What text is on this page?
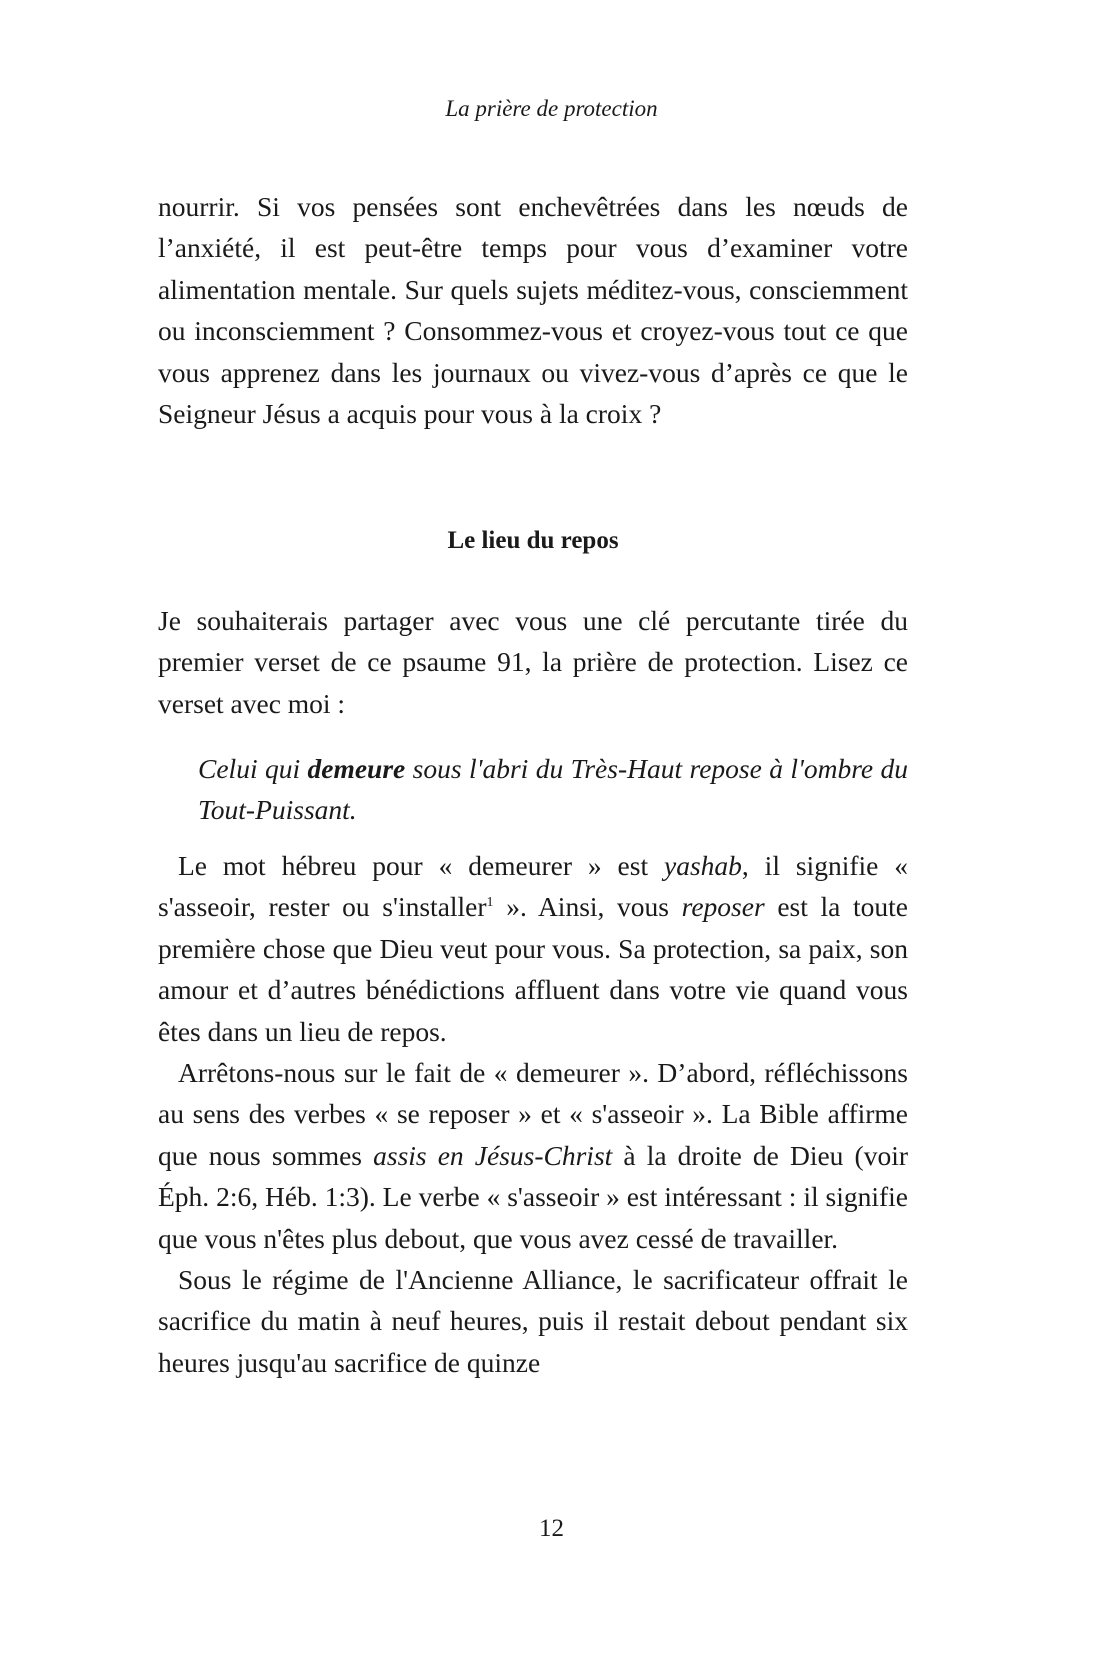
La prière de protection

nourrir. Si vos pensées sont enchevêtrées dans les nœuds de l’anxiété, il est peut-être temps pour vous d’examiner votre alimentation mentale. Sur quels sujets méditez-vous, consciemment ou inconsciemment ? Consommez-vous et croyez-vous tout ce que vous apprenez dans les journaux ou vivez-vous d’après ce que le Seigneur Jésus a acquis pour vous à la croix ?

Le lieu du repos

Je souhaiterais partager avec vous une clé percutante tirée du premier verset de ce psaume 91, la prière de protection. Lisez ce verset avec moi :

Celui qui demeure sous l'abri du Très-Haut repose à l'ombre du Tout-Puissant.

Le mot hébreu pour « demeurer » est yashab, il signifie « s'asseoir, rester ou s'installer$^1$ ». Ainsi, vous reposer est la toute première chose que Dieu veut pour vous. Sa protection, sa paix, son amour et d’autres bénédictions affluent dans votre vie quand vous êtes dans un lieu de repos.

Arrêtons-nous sur le fait de « demeurer ». D’abord, réfléchissons au sens des verbes « se reposer » et « s'asseoir ». La Bible affirme que nous sommes assis en Jésus-Christ à la droite de Dieu (voir Éph. 2:6, Héb. 1:3). Le verbe « s'asseoir » est intéressant : il signifie que vous n'êtes plus debout, que vous avez cessé de travailler.

Sous le régime de l'Ancienne Alliance, le sacrificateur offrait le sacrifice du matin à neuf heures, puis il restait debout pendant six heures jusqu'au sacrifice de quinze

12
